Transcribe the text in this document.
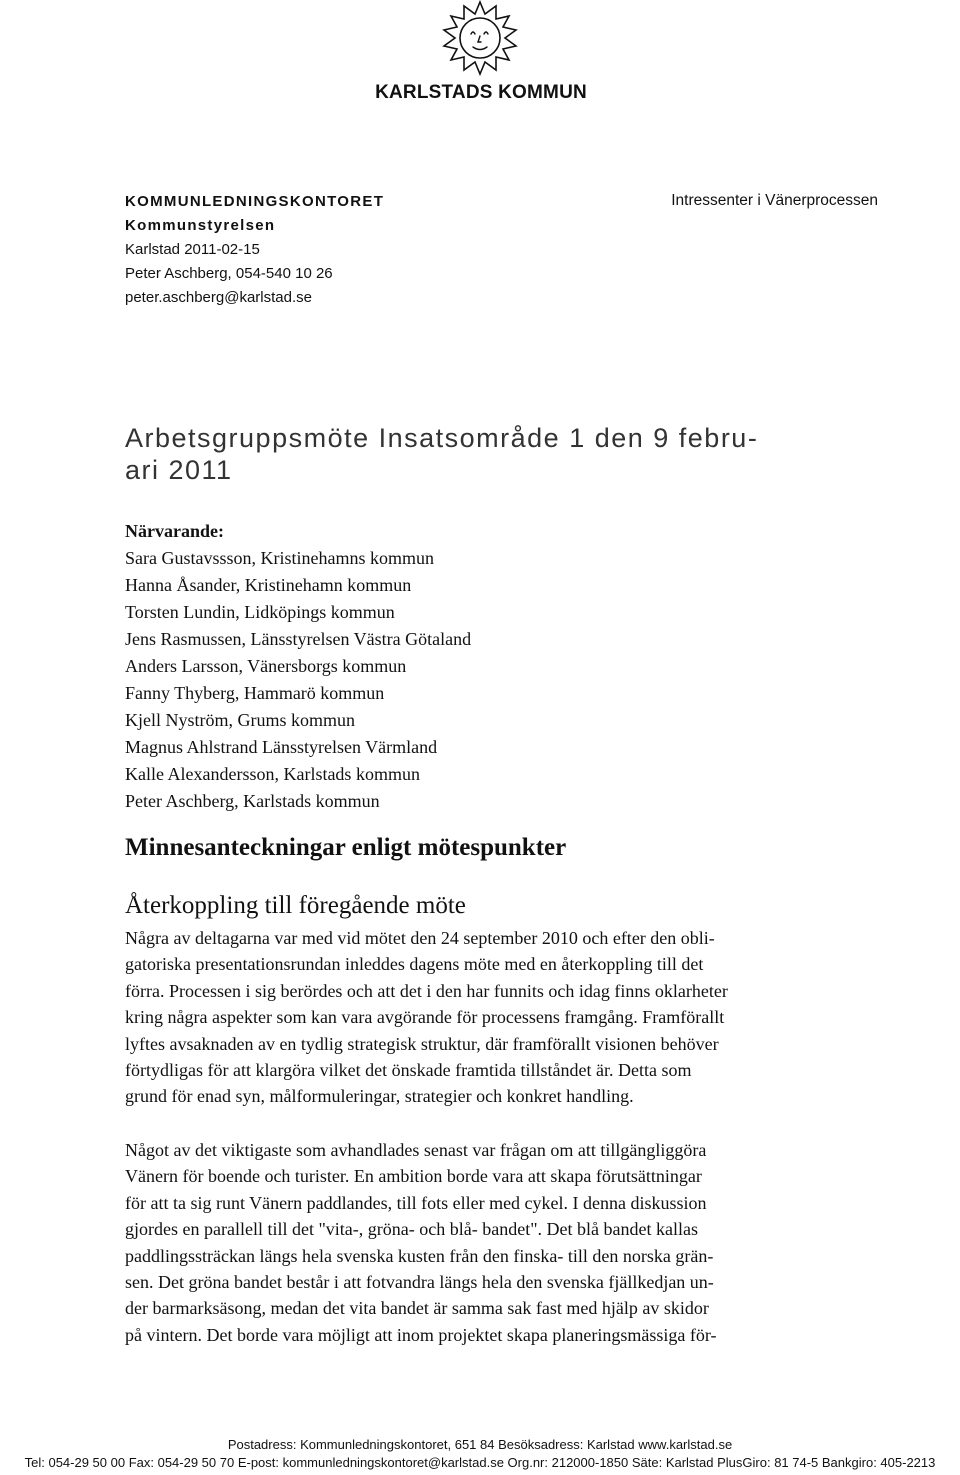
KARLSTADS KOMMUN
KOMMUNLEDNINGSKONTORET
Kommunstyrelsen
Karlstad 2011-02-15
Peter Aschberg, 054-540 10 26
peter.aschberg@karlstad.se
Intressenter i Vänerprocessen
Arbetsgruppsmöte Insatsområde 1 den 9 febru-
ari 2011
Närvarande:
Sara Gustavssson, Kristinehamns kommun
Hanna Åsander, Kristinehamn kommun
Torsten Lundin, Lidköpings kommun
Jens Rasmussen, Länsstyrelsen Västra Götaland
Anders Larsson, Vänersborgs kommun
Fanny Thyberg, Hammarö kommun
Kjell Nyström, Grums kommun
Magnus Ahlstrand Länsstyrelsen Värmland
Kalle Alexandersson, Karlstads kommun
Peter Aschberg, Karlstads kommun
Minnesanteckningar enligt mötespunkter
Återkoppling till föregående möte
Några av deltagarna var med vid mötet den 24 september 2010 och efter den obli-
gatoriska presentationsrundan inleddes dagens möte med en återkoppling till det
förra. Processen i sig berördes och att det i den har funnits och idag finns oklarheter
kring några aspekter som kan vara avgörande för processens framgång. Framförallt
lyftes avsaknaden av en tydlig strategisk struktur, där framförallt visionen behöver
förtydligas för att klargöra vilket det önskade framtida tillståndet är. Detta som
grund för enad syn, målformuleringar, strategier och konkret handling.
Något av det viktigaste som avhandlades senast var frågan om att tillgängliggöra
Vänern för boende och turister. En ambition borde vara att skapa förutsättningar
för att ta sig runt Vänern paddlandes, till fots eller med cykel. I denna diskussion
gjordes en parallell till det "vita-, gröna- och blå- bandet". Det blå bandet kallas
paddlingssträckan längs hela svenska kusten från den finska- till den norska grän-
sen. Det gröna bandet består i att fotvandra längs hela den svenska fjällkedjan un-
der barmarksäsong, medan det vita bandet är samma sak fast med hjälp av skidor
på vintern. Det borde vara möjligt att inom projektet skapa planeringsmässiga för-
Postadress: Kommunledningskontoret, 651 84 Besöksadress: Karlstad www.karlstad.se
Tel: 054-29 50 00 Fax: 054-29 50 70 E-post: kommunledningskontoret@karlstad.se Org.nr: 212000-1850 Säte: Karlstad PlusGiro: 81 74-5 Bankgiro: 405-2213
